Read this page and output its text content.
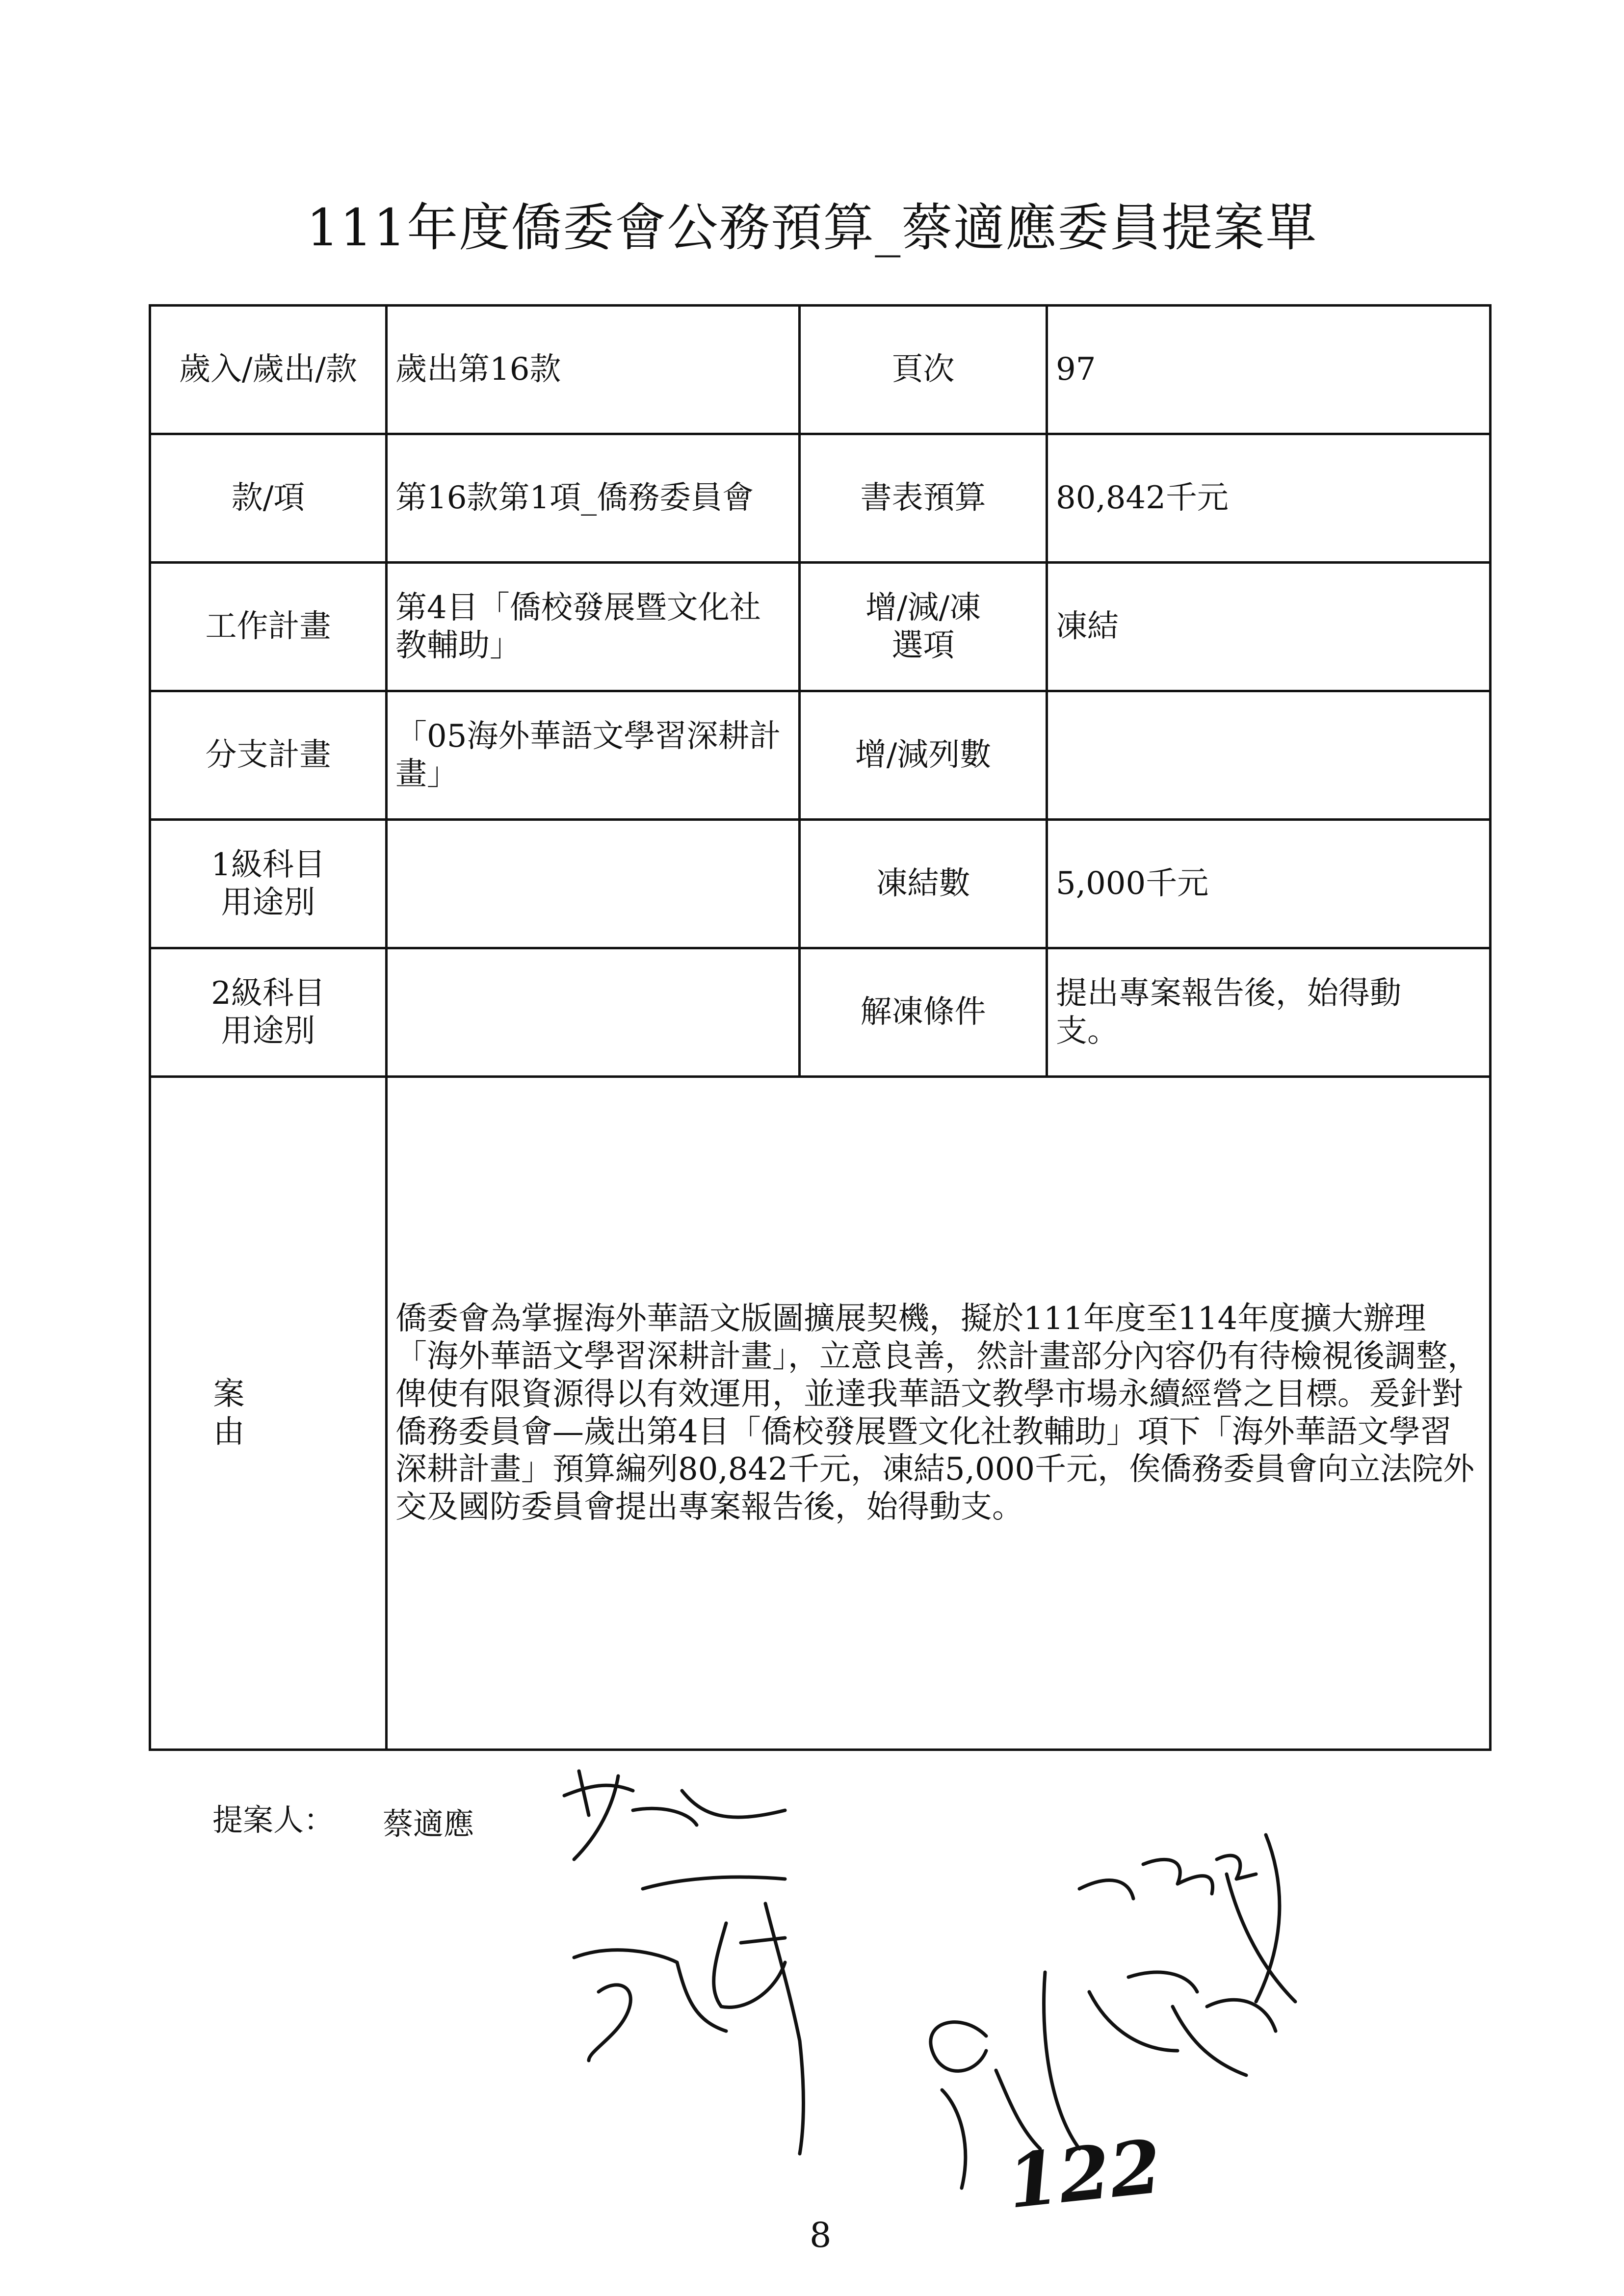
111年度僑委會公務預算_蔡適應委員提案單
歲入/歲出/款	歲出第16款	頁次	97
款/項	第16款第1項_僑務委員會	書表預算	80,842千元
工作計畫	第4目「僑校發展暨文化社教輔助」	增/減/凍選項	凍結
分支計畫	「05海外華語文學習深耕計畫」	增/減列數	
1級科目用途別		凍結數	5,000千元
2級科目用途別		解凍條件	提出專案報告後，始得動支。
案由	僑委會為掌握海外華語文版圖擴展契機，擬於111年度至114年度擴大辦理「海外華語文學習深耕計畫」，立意良善，然計畫部分內容仍有待檢視後調整，俾使有限資源得以有效運用，並達我華語文教學市場永續經營之目標。爰針對僑務委員會—歲出第4目「僑校發展暨文化社教輔助」項下「海外華語文學習深耕計畫」預算編列80,842千元，凍結5,000千元，俟僑務委員會向立法院外交及國防委員會提出專案報告後，始得動支。		
提案人： 蔡適應
122
8
